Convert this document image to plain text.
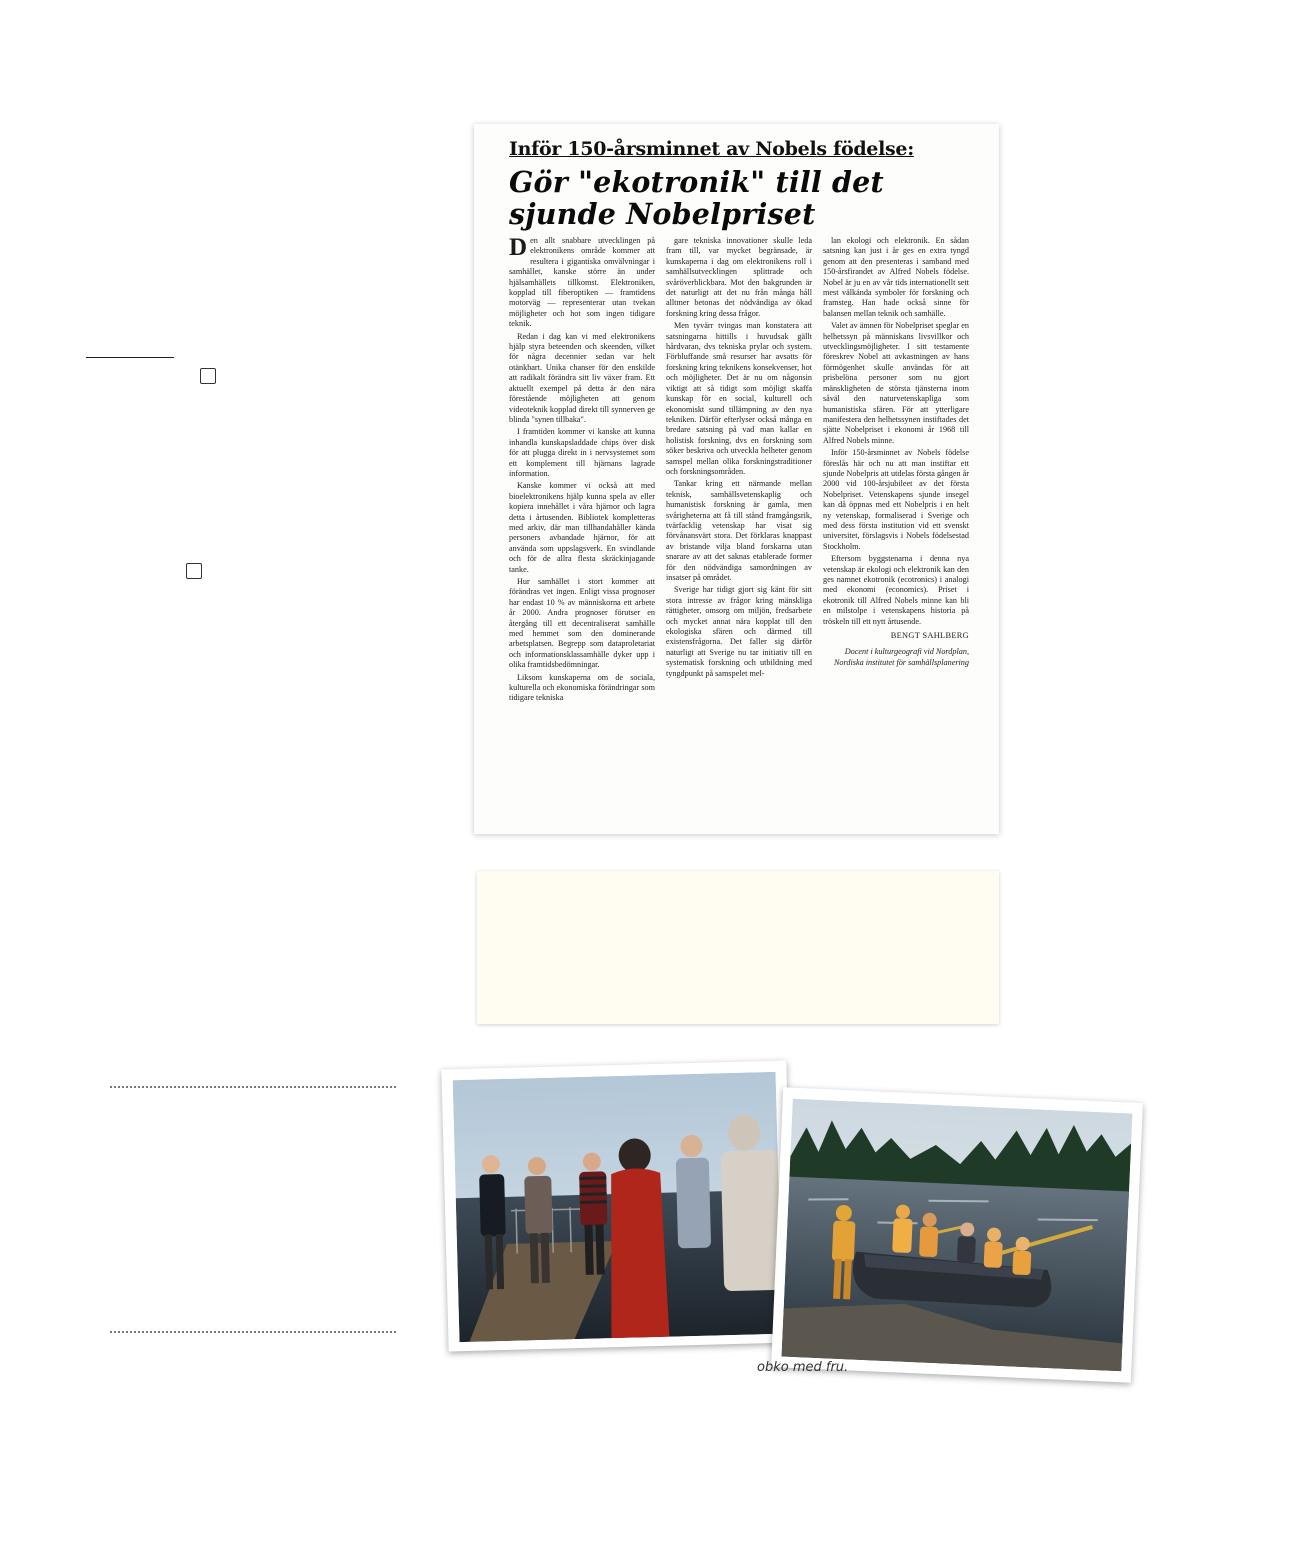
Inför 150-årsminnet av Nobels födelse:
Gör "ekotronik" till det sjunde Nobelpriset

Den allt snabbare utvecklingen på elektronikens område kommer att resultera i gigantiska omvälvningar i samhället, kanske större än under hjälsamhällets tillkomst. Elektroniken, kopplad till fiberoptiken — framtidens motorväg — representerar utan tvekan möjligheter och hot som ingen tidigare teknik.

Redan i dag kan vi med elektronikens hjälp styra beteenden och skeenden, vilket för några decennier sedan var helt otänkbart. Unika chanser för den enskilde att radikalt förändra sitt liv växer fram. Ett aktuellt exempel på detta är den nära förestående möjligheten att genom videoteknik kopplad direkt till synnerven ge blinda "synen tillbaka".

I framtiden kommer vi kanske att kunna inhandla kunskapsladdade chips över disk för att plugga direkt in i nervsystemet som ett komplement till hjärnans lagrade information.

Kanske kommer vi också att med bioelektronikens hjälp kunna spela av eller kopiera innehållet i våra hjärnor och lagra detta i årtusenden. Bibliotek kompletteras med arkiv, där man tillhandahåller kända personers avbandade hjärnor, för att använda som uppslagsverk. En svindlande och för de allra flesta skräckinjagande tanke.

Hur samhället i stort kommer att förändras vet ingen. Enligt vissa prognoser har endast 10 % av människorna ett arbete år 2000. Andra prognoser förutser en återgång till ett decentraliserat samhälle med hemmet som den dominerande arbetsplatsen. Begrepp som dataproletariat och informationsklassamhälle dyker upp i olika framtidsbedömningar.

Liksom kunskaperna om de sociala, kulturella och ekonomiska förändringar som tidigare tekniska

gare tekniska innovationer skulle leda fram till, var mycket begränsade, är kunskaperna i dag om elektronikens roll i samhällsutvecklingen splittrade och svåröverblickbara. Mot den bakgrunden är det naturligt att det nu från många håll alltmer betonas det nödvändiga av ökad forskning kring dessa frågor.

Men tyvärr tvingas man konstatera att satsningarna hittills i huvudsak gällt hårdvaran, dvs tekniska prylar och system. Förbluffande små resurser har avsatts för forskning kring teknikens konsekvenser, hot och möjligheter. Det är nu om någonsin viktigt att så tidigt som möjligt skaffa kunskap för en social, kulturell och ekonomiskt sund tillämpning av den nya tekniken. Därför efterlyser också många en bredare satsning på vad man kallar en holistisk forskning, dvs en forskning som söker beskriva och utveckla helheter genom samspel mellan olika forskningstraditioner och forskningsområden.

Tankar kring ett närmande mellan teknisk, samhällsvetenskaplig och humanistisk forskning är gamla, men svårigheterna att få till stånd framgångsrik, tvärfacklig vetenskap har visat sig förvånansvärt stora. Det förklaras knappast av bristande vilja bland forskarna utan snarare av att det saknas etablerade former för den nödvändiga samordningen av insatser på området.

Sverige har tidigt gjort sig känt för sitt stora intresse av frågor kring mänskliga rättigheter, omsorg om miljön, fredsarbete och mycket annat nära kopplat till den ekologiska sfären och därmed till existensfrågorna. Det faller sig därför naturligt att Sverige nu tar initiativ till en systematisk forskning och utbildning med tyngdpunkt på samspelet mel-

lan ekologi och elektronik. En sådan satsning kan just i år ges en extra tyngd genom att den presenteras i samband med 150-årsfirandet av Alfred Nobels födelse. Nobel är ju en av vår tids internationellt sett mest välkända symboler för forskning och framsteg. Han hade också sinne för balansen mellan teknik och samhälle.

Valet av ämnen för Nobelpriset speglar en helhetssyn på människans livsvillkor och utvecklingsmöjligheter. I sitt testamente föreskrev Nobel att avkastningen av hans förmögenhet skulle användas för att prisbelöna personer som nu gjort mänskligheten de största tjänsterna inom såväl den naturvetenskapliga som humanistiska sfären. För att ytterligare manifestera den helhetssynen instiftades det sjätte Nobelpriset i ekonomi år 1968 till Alfred Nobels minne.

Inför 150-årsminnet av Nobels födelse föreslås här och nu att man instiftar ett sjunde Nobelpris att utdelas första gången år 2000 vid 100-årsjubileet av det första Nobelpriset. Vetenskapens sjunde insegel kan då öppnas med ett Nobelpris i en helt ny vetenskap, formaliserad i Sverige och med dess första institution vid ett svenskt universitet, förslagsvis i Nobels födelsestad Stockholm.

Eftersom byggstenarna i denna nya vetenskap är ekologi och elektronik kan den ges namnet ekotronik (ecotronics) i analogi med ekonomi (economics). Priset i ekotronik till Alfred Nobels minne kan bli en milstolpe i vetenskapens historia på tröskeln till ett nytt årtusende.

BENGT SAHLBERG
Docent i kulturgeografi vid Nordplan, Nordiska institutet för samhällsplanering
obko med fru.
